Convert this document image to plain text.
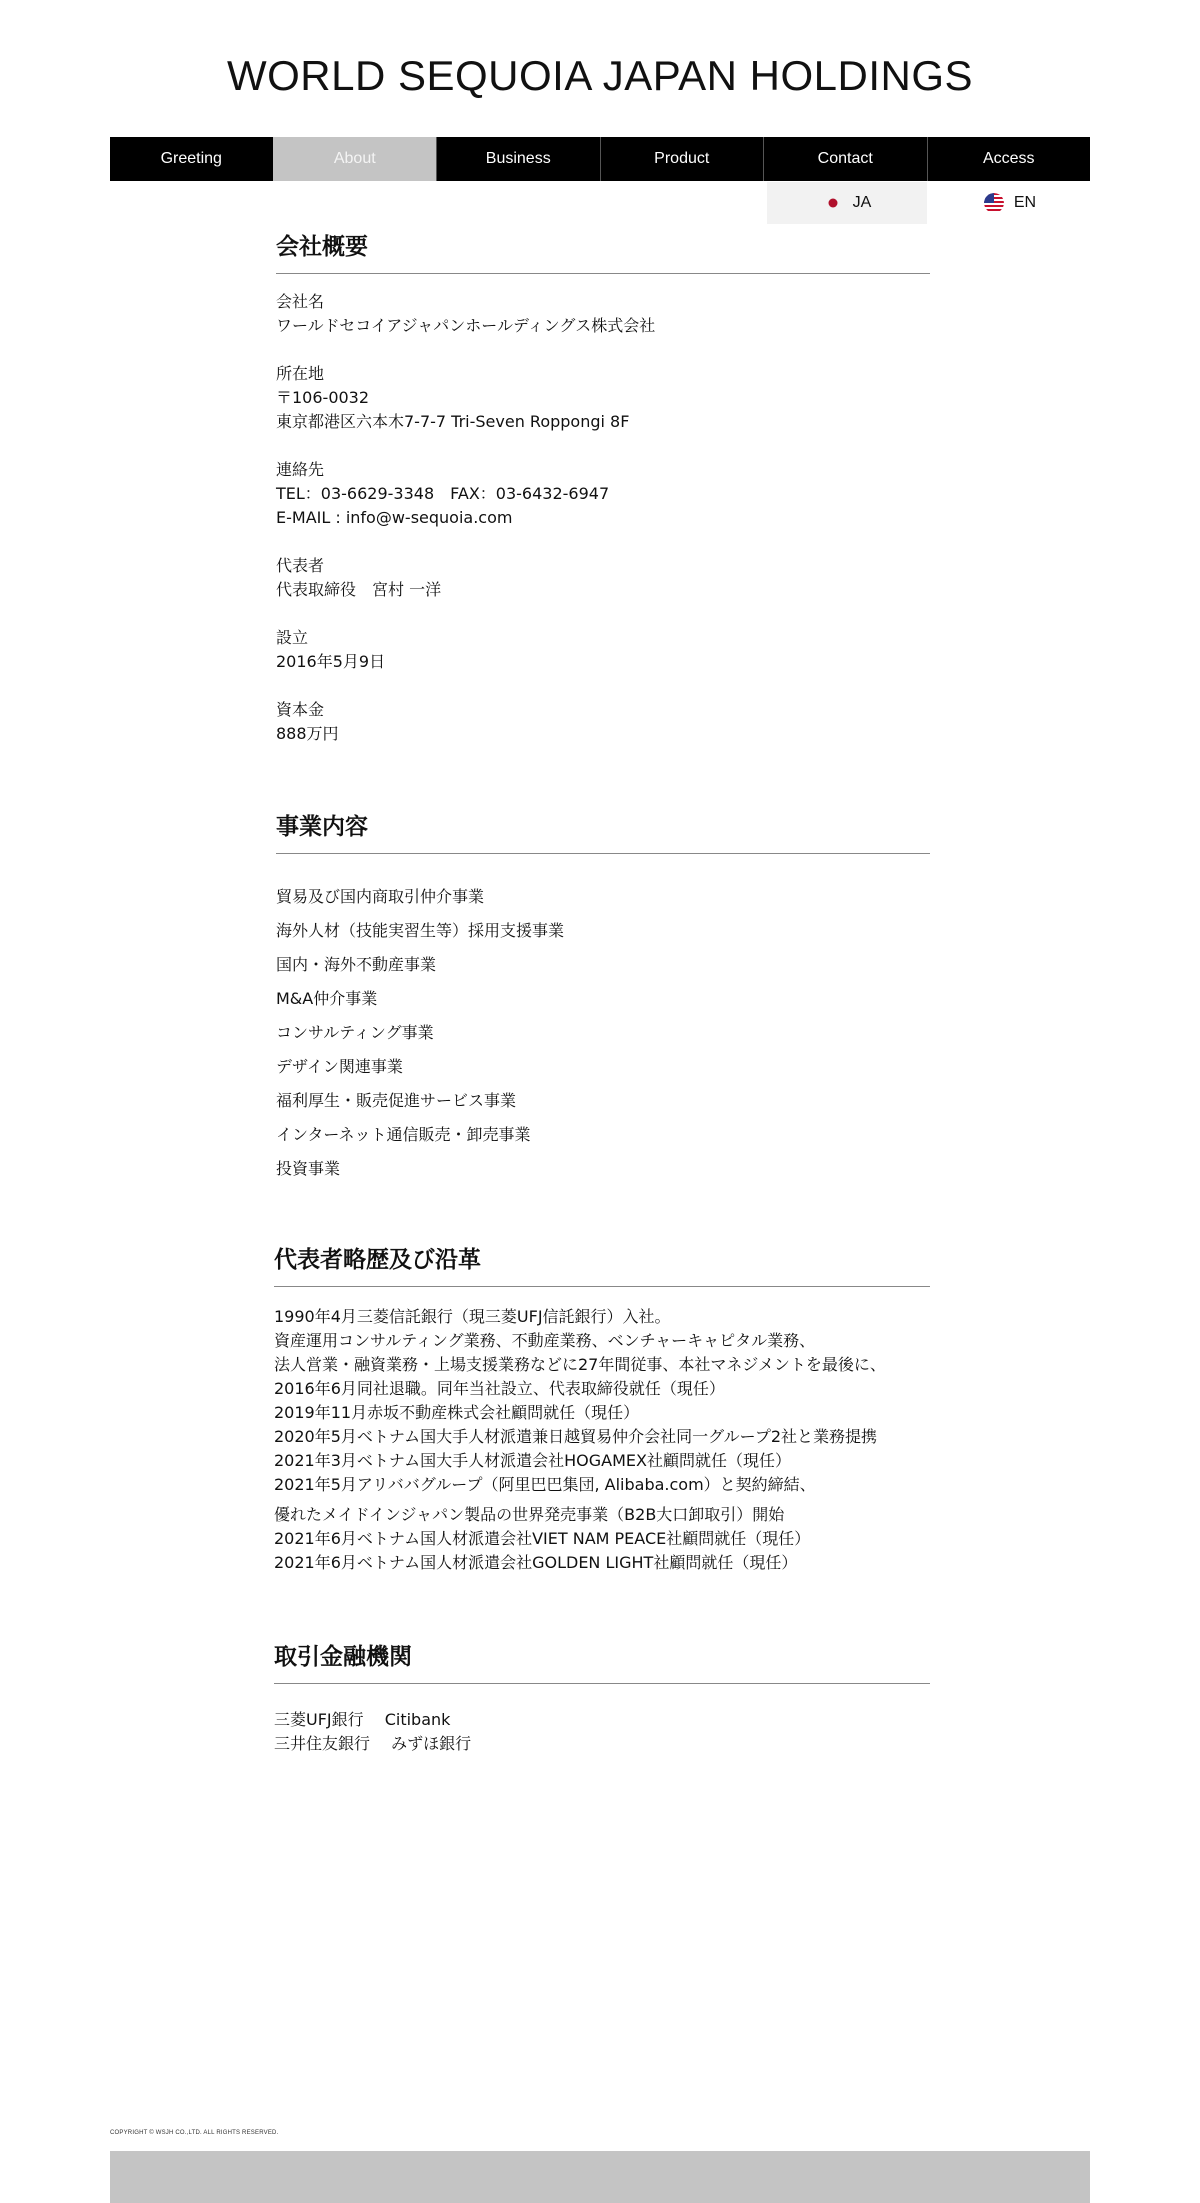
WORLD SEQUOIA JAPAN HOLDINGS
Greeting	About	Business	Product	Contact	Access
JA	EN
会社概要
会社名
ワールドセコイアジャパンホールディングス株式会社
所在地
〒106-0032
東京都港区六本木7-7-7 Tri-Seven Roppongi 8F
連絡先
TEL：03-6629-3348　FAX：03-6432-6947
E-MAIL : info@w-sequoia.com
代表者
代表取締役　宮村 一洋
設立
2016年5月9日
資本金
888万円
事業内容
貿易及び国内商取引仲介事業
海外人材（技能実習生等）採用支援事業
国内・海外不動産事業
M&A仲介事業
コンサルティング事業
デザイン関連事業
福利厚生・販売促進サービス事業
インターネット通信販売・卸売事業
投資事業
代表者略歴及び沿革
1990年4月三菱信託銀行（現三菱UFJ信託銀行）入社。
資産運用コンサルティング業務、不動産業務、ベンチャーキャピタル業務、
法人営業・融資業務・上場支援業務などに27年間従事、本社マネジメントを最後に、
2016年6月同社退職。同年当社設立、代表取締役就任（現任）
2019年11月赤坂不動産株式会社顧問就任（現任）
2020年5月ベトナム国大手人材派遣兼日越貿易仲介会社同一グループ2社と業務提携
2021年3月ベトナム国大手人材派遣会社HOGAMEX社顧問就任（現任）
2021年5月アリババグループ（阿里巴巴集団, Alibaba.com）と契約締結、
優れたメイドインジャパン製品の世界発売事業（B2B大口卸取引）開始
2021年6月ベトナム国人材派遣会社VIET NAM PEACE社顧問就任（現任）
2021年6月ベトナム国人材派遣会社GOLDEN LIGHT社顧問就任（現任）
取引金融機関
三菱UFJ銀行　 Citibank
三井住友銀行　 みずほ銀行
COPYRIGHT © WSJH CO.,LTD. ALL RIGHTS RESERVED.
